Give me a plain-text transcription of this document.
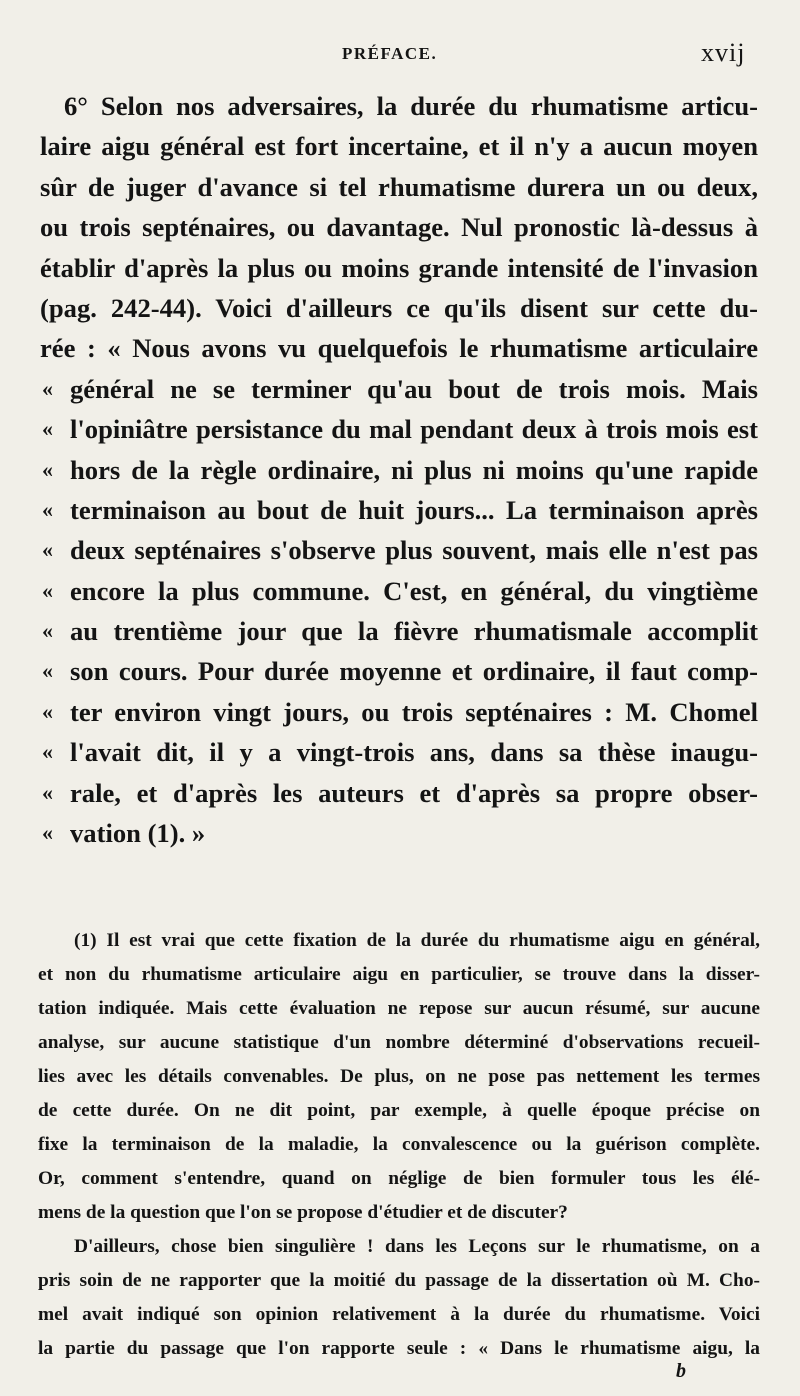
PRÉFACE.	xvij
6° Selon nos adversaires, la durée du rhumatisme articu-
laire aigu général est fort incertaine, et il n'y a aucun moyen
sûr de juger d'avance si tel rhumatisme durera un ou deux,
ou trois septénaires, ou davantage. Nul pronostic là-dessus à
établir d'après la plus ou moins grande intensité de l'invasion
(pag. 242-44). Voici d'ailleurs ce qu'ils disent sur cette du-
rée : « Nous avons vu quelquefois le rhumatisme articulaire
« général ne se terminer qu'au bout de trois mois. Mais
« l'opiniâtre persistance du mal pendant deux à trois mois est
« hors de la règle ordinaire, ni plus ni moins qu'une rapide
« terminaison au bout de huit jours... La terminaison après
« deux septénaires s'observe plus souvent, mais elle n'est pas
« encore la plus commune. C'est, en général, du vingtième
« au trentième jour que la fièvre rhumatismale accomplit
« son cours. Pour durée moyenne et ordinaire, il faut comp-
« ter environ vingt jours, ou trois septénaires : M. Chomel
« l'avait dit, il y a vingt-trois ans, dans sa thèse inaugu-
« rale, et d'après les auteurs et d'après sa propre obser-
« vation (1). »
(1) Il est vrai que cette fixation de la durée du rhumatisme aigu en général,
et non du rhumatisme articulaire aigu en particulier, se trouve dans la disser-
tation indiquée. Mais cette évaluation ne repose sur aucun résumé, sur aucune
analyse, sur aucune statistique d'un nombre déterminé d'observations recueil-
lies avec les détails convenables. De plus, on ne pose pas nettement les termes
de cette durée. On ne dit point, par exemple, à quelle époque précise on
fixe la terminaison de la maladie, la convalescence ou la guérison complète.
Or, comment s'entendre, quand on néglige de bien formuler tous les élé-
mens de la question que l'on se propose d'étudier et de discuter?
D'ailleurs, chose bien singulière ! dans les Leçons sur le rhumatisme, on a
pris soin de ne rapporter que la moitié du passage de la dissertation où M. Cho-
mel avait indiqué son opinion relativement à la durée du rhumatisme. Voici
la partie du passage que l'on rapporte seule : « Dans le rhumatisme aigu, la
b
